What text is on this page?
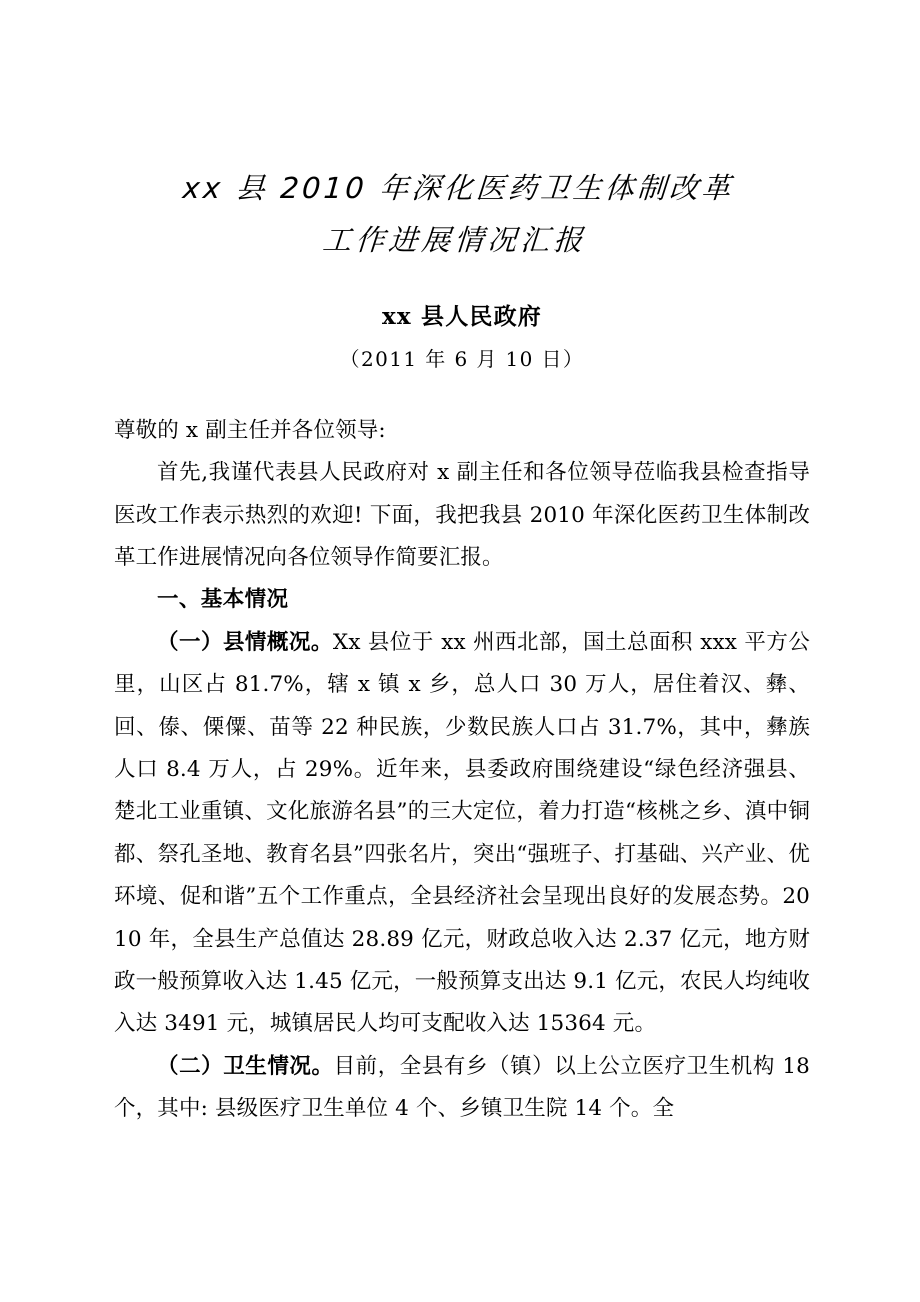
xx 县 2010 年深化医药卫生体制改革
工作进展情况汇报

xx 县人民政府

（2011 年 6 月 10 日）

尊敬的 x 副主任并各位领导:

首先,我谨代表县人民政府对 x 副主任和各位领导莅临我县检查指导医改工作表示热烈的欢迎! 下面，我把我县 2010 年深化医药卫生体制改革工作进展情况向各位领导作简要汇报。

一、基本情况

（一）县情概况。Xx 县位于 xx 州西北部，国土总面积 xxx 平方公里，山区占 81.7%，辖 x 镇 x 乡，总人口 30 万人，居住着汉、彝、回、傣、傈僳、苗等 22 种民族，少数民族人口占 31.7%，其中，彝族人口 8.4 万人，占 29%。近年来，县委政府围绕建设“绿色经济强县、楚北工业重镇、文化旅游名县”的三大定位，着力打造“核桃之乡、滇中铜都、祭孔圣地、教育名县”四张名片，突出“强班子、打基础、兴产业、优环境、促和谐”五个工作重点，全县经济社会呈现出良好的发展态势。2010 年，全县生产总值达 28.89 亿元，财政总收入达 2.37 亿元，地方财政一般预算收入达 1.45 亿元，一般预算支出达 9.1 亿元，农民人均纯收入达 3491 元，城镇居民人均可支配收入达 15364 元。

（二）卫生情况。目前，全县有乡（镇）以上公立医疗卫生机构 18 个，其中: 县级医疗卫生单位 4 个、乡镇卫生院 14 个。全
